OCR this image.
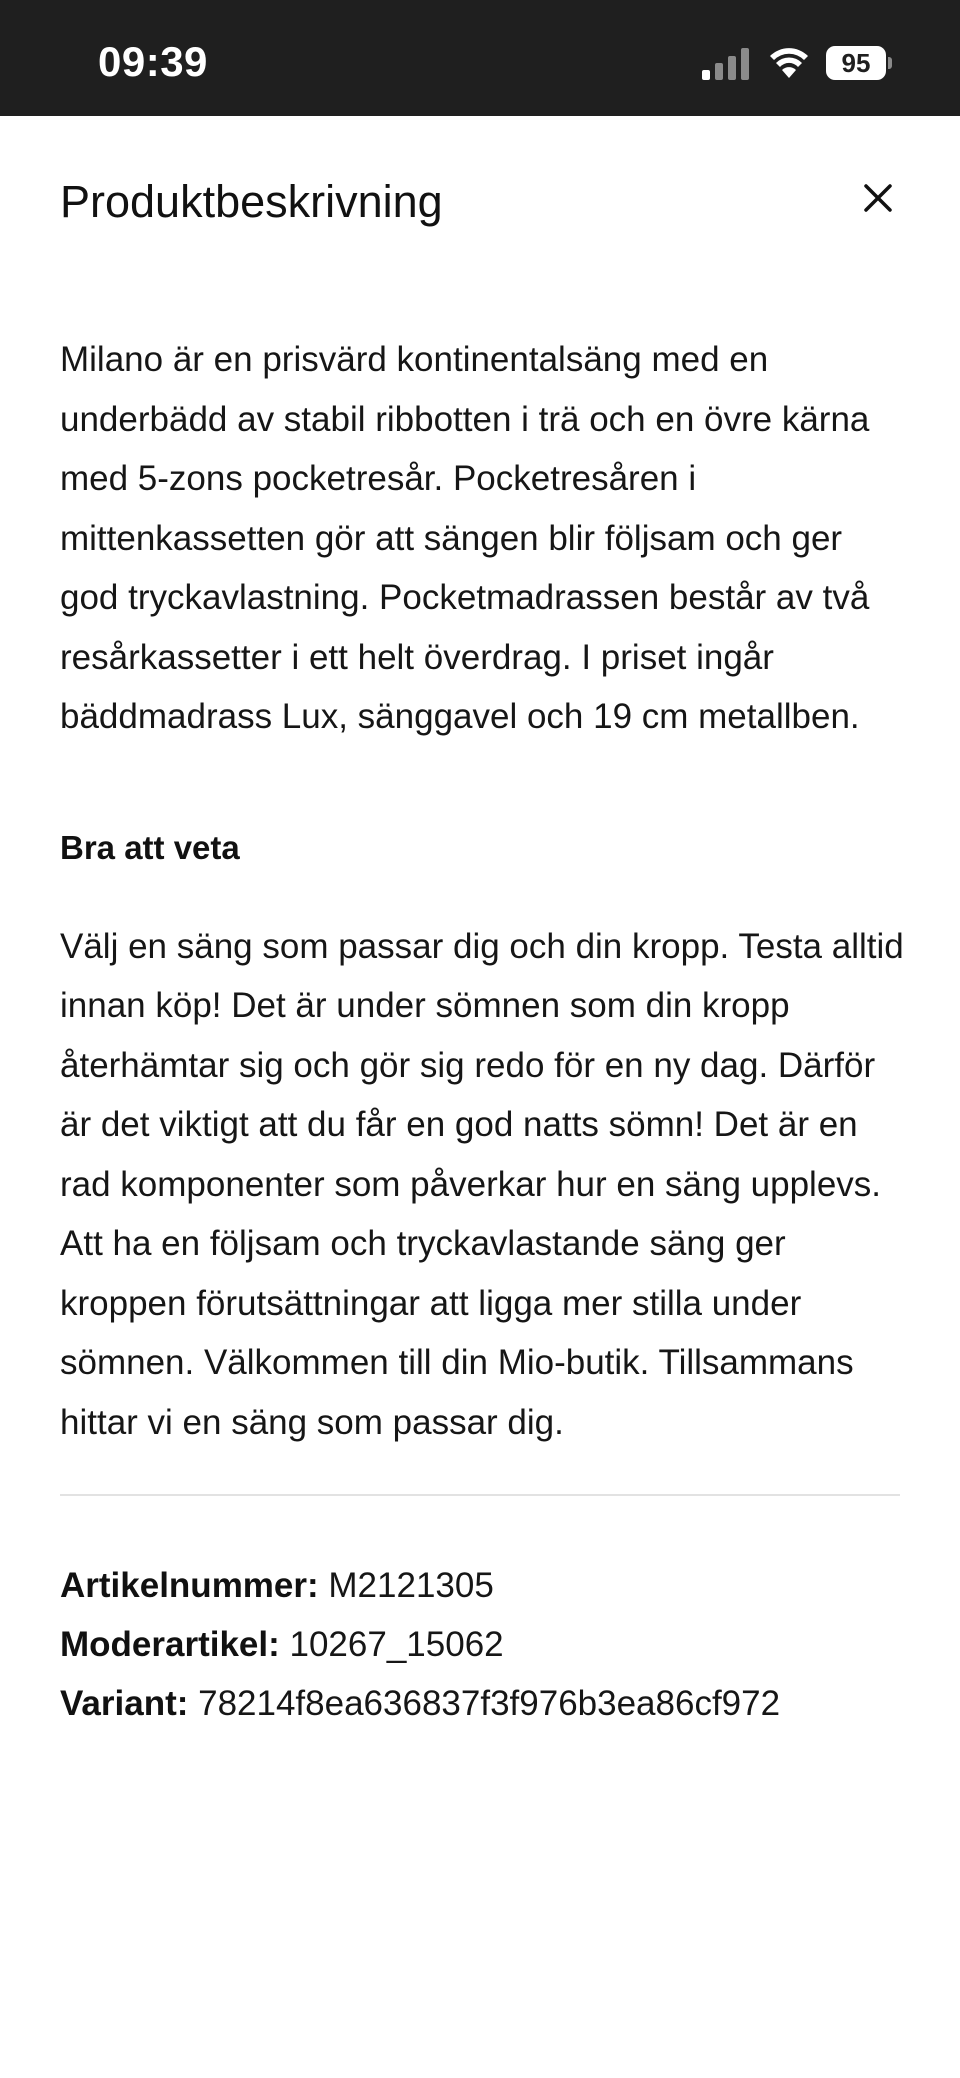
09:39	95
Produktbeskrivning

Milano är en prisvärd kontinentalsäng med en underbädd av stabil ribbotten i trä och en övre kärna med 5-zons pocketresår. Pocketresåren i mittenkassetten gör att sängen blir följsam och ger god tryckavlastning. Pocketmadrassen består av två resårkassetter i ett helt överdrag. I priset ingår bäddmadrass Lux, sänggavel och 19 cm metallben.

Bra att veta

Välj en säng som passar dig och din kropp. Testa alltid innan köp! Det är under sömnen som din kropp återhämtar sig och gör sig redo för en ny dag. Därför är det viktigt att du får en god natts sömn! Det är en rad komponenter som påverkar hur en säng upplevs. Att ha en följsam och tryckavlastande säng ger kroppen förutsättningar att ligga mer stilla under sömnen. Välkommen till din Mio-butik. Tillsammans hittar vi en säng som passar dig.

Artikelnummer: M2121305
Moderartikel: 10267_15062
Variant: 78214f8ea636837f3f976b3ea86cf972
